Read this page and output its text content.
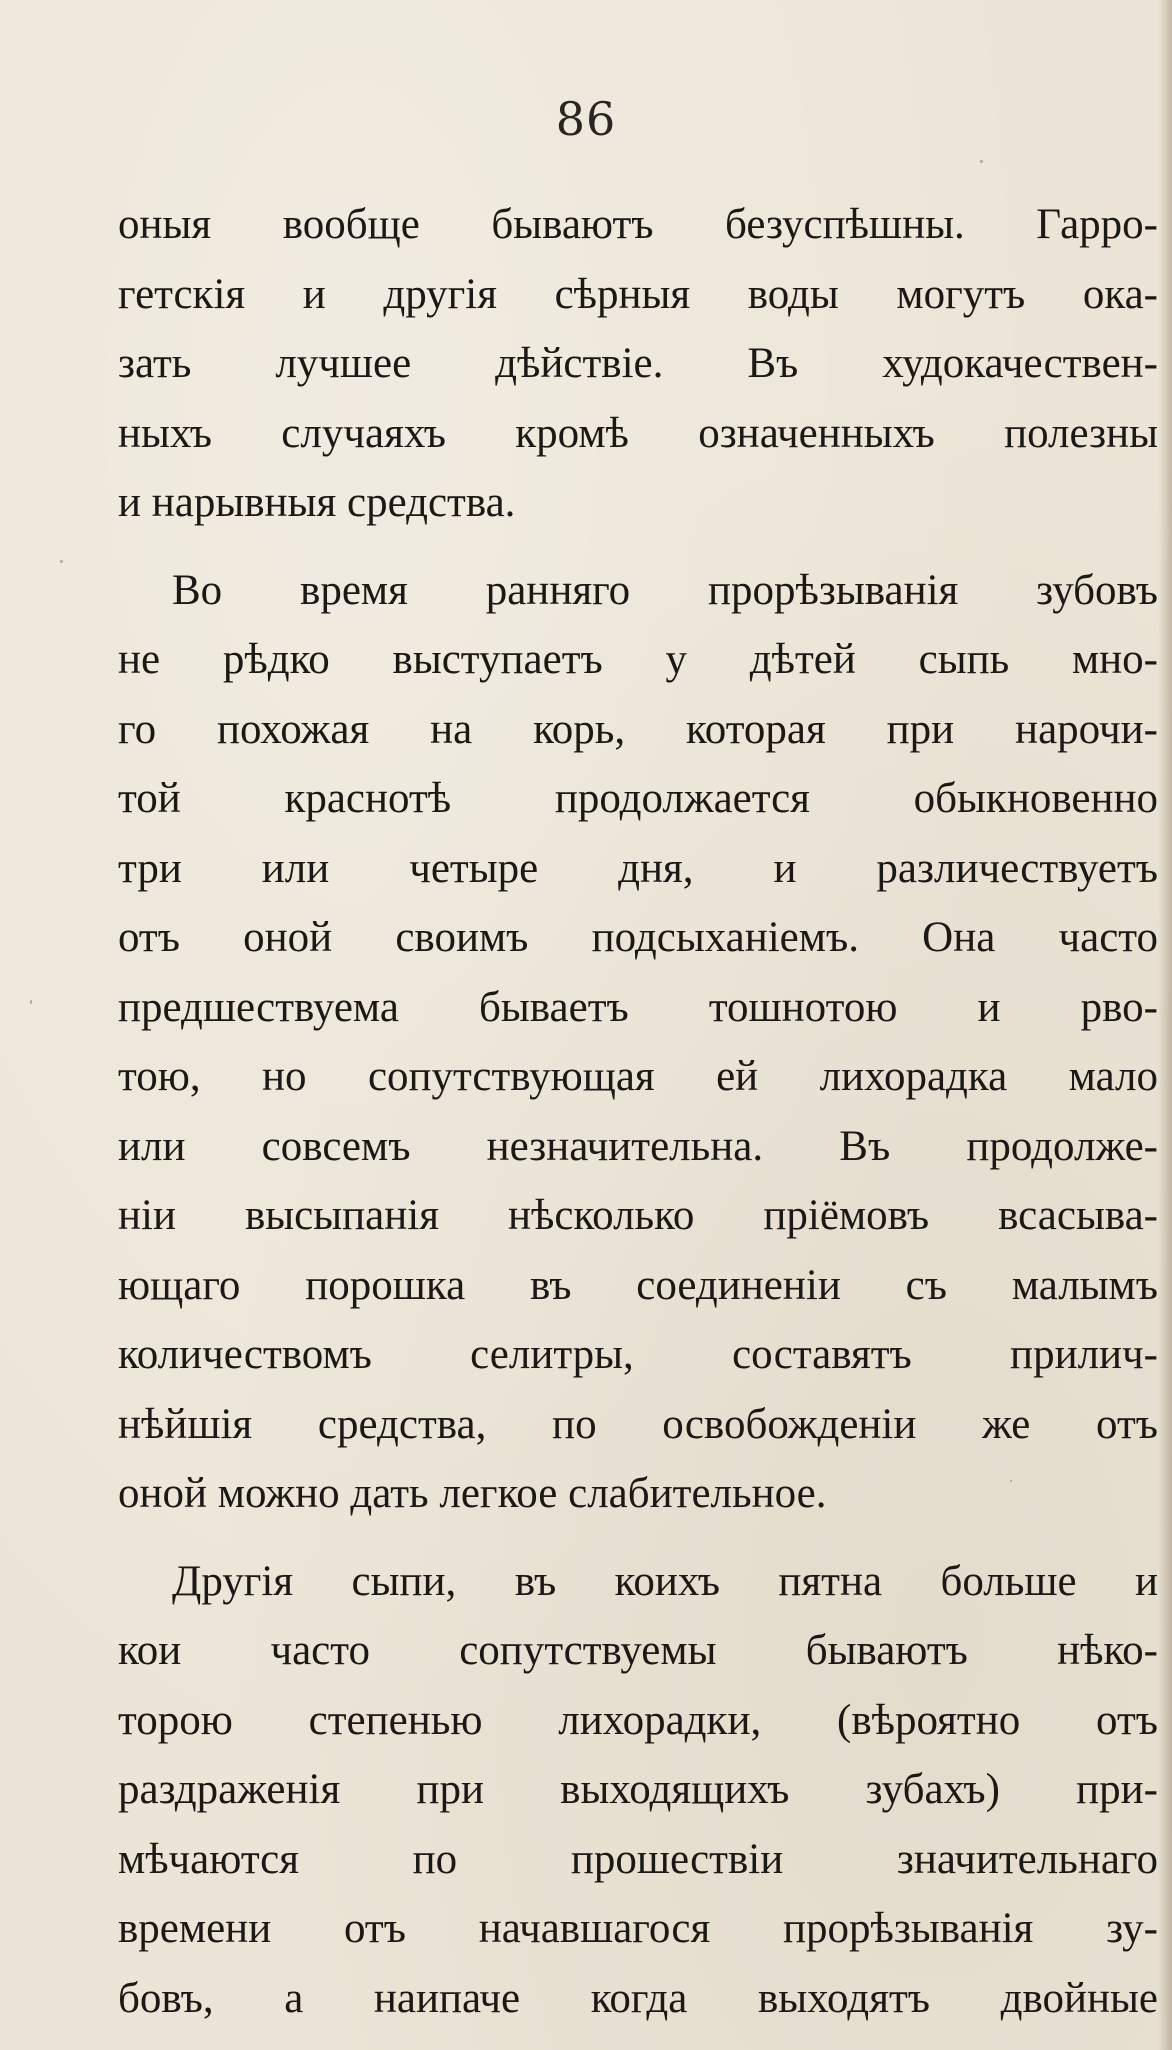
86
оныя вообще бываютъ безуспѣшны. Гарро-
гетскія и другія сѣрныя воды могутъ ока-
зать лучшее дѣйствіе. Въ худокачествен-
ныхъ случаяхъ кромѣ означенныхъ полезны
и нарывныя средства.
Во время ранняго прорѣзыванія зубовъ
не рѣдко выступаетъ у дѣтей сыпь мно-
го похожая на корь, которая при нарочи-
той краснотѣ продолжается обыкновенно
три или четыре дня, и различествуетъ
отъ оной своимъ подсыханіемъ. Она часто
предшествуема бываетъ тошнотою и рво-
тою, но сопутствующая ей лихорадка мало
или совсемъ незначительна. Въ продолже-
ніи высыпанія нѣсколько пріёмовъ всасыва-
ющаго порошка въ соединеніи съ малымъ
количествомъ селитры, составятъ прилич-
нѣйшія средства, по освобожденіи же отъ
оной можно дать легкое слабительное.
Другія сыпи, въ коихъ пятна больше и
кои часто сопутствуемы бываютъ нѣко-
торою степенью лихорадки, (вѣроятно отъ
раздраженія при выходящихъ зубахъ) при-
мѣчаются по прошествіи значительнаго
времени отъ начавшагося прорѣзыванія зу-
бовъ, а наипаче когда выходятъ двойные
